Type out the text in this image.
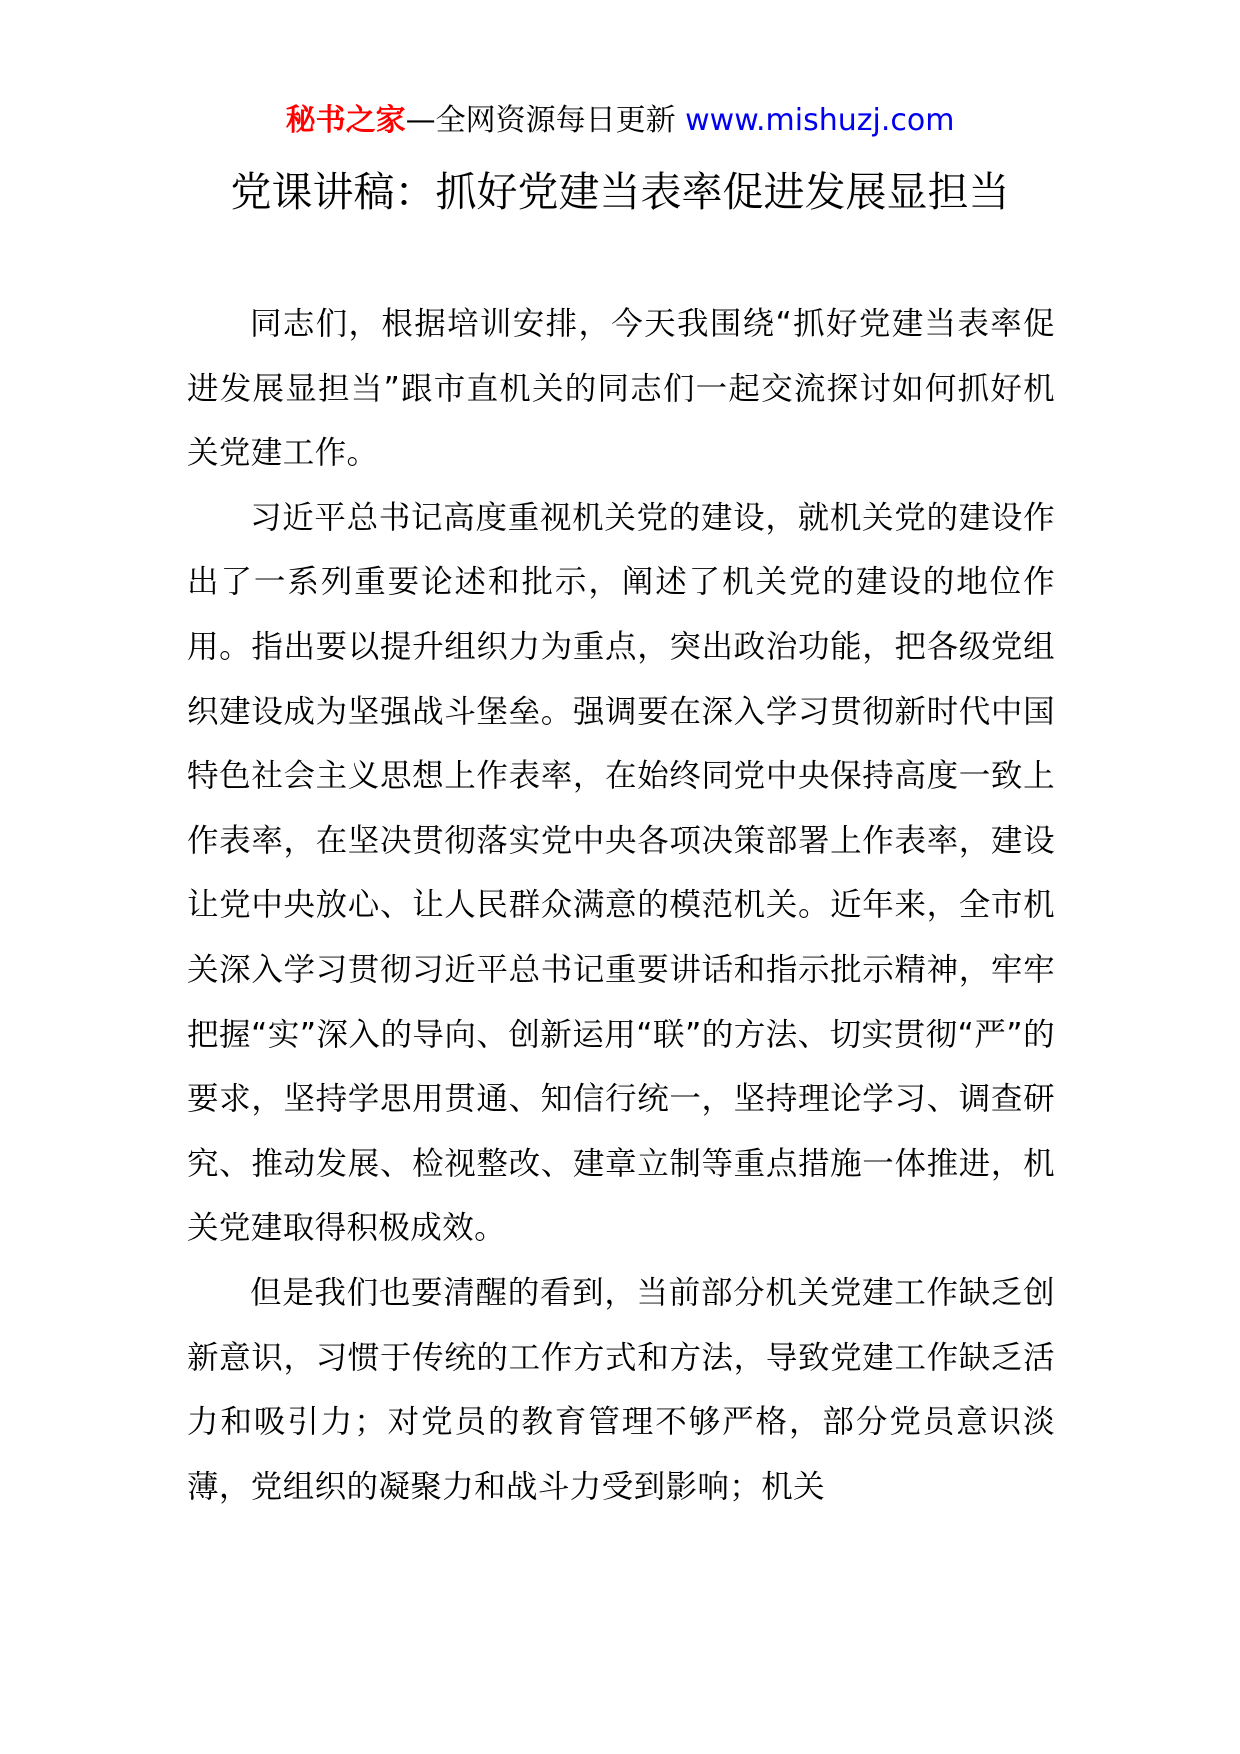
秘书之家—全网资源每日更新 www.mishuzj.com
党课讲稿：抓好党建当表率促进发展显担当

同志们，根据培训安排，今天我围绕“抓好党建当表率促进发展显担当”跟市直机关的同志们一起交流探讨如何抓好机关党建工作。

习近平总书记高度重视机关党的建设，就机关党的建设作出了一系列重要论述和批示，阐述了机关党的建设的地位作用。指出要以提升组织力为重点，突出政治功能，把各级党组织建设成为坚强战斗堡垒。强调要在深入学习贯彻新时代中国特色社会主义思想上作表率，在始终同党中央保持高度一致上作表率，在坚决贯彻落实党中央各项决策部署上作表率，建设让党中央放心、让人民群众满意的模范机关。近年来，全市机关深入学习贯彻习近平总书记重要讲话和指示批示精神，牢牢把握“实”深入的导向、创新运用“联”的方法、切实贯彻“严”的要求，坚持学思用贯通、知信行统一，坚持理论学习、调查研究、推动发展、检视整改、建章立制等重点措施一体推进，机关党建取得积极成效。

但是我们也要清醒的看到，当前部分机关党建工作缺乏创新意识，习惯于传统的工作方式和方法，导致党建工作缺乏活力和吸引力；对党员的教育管理不够严格，部分党员意识淡薄，党组织的凝聚力和战斗力受到影响；机关
